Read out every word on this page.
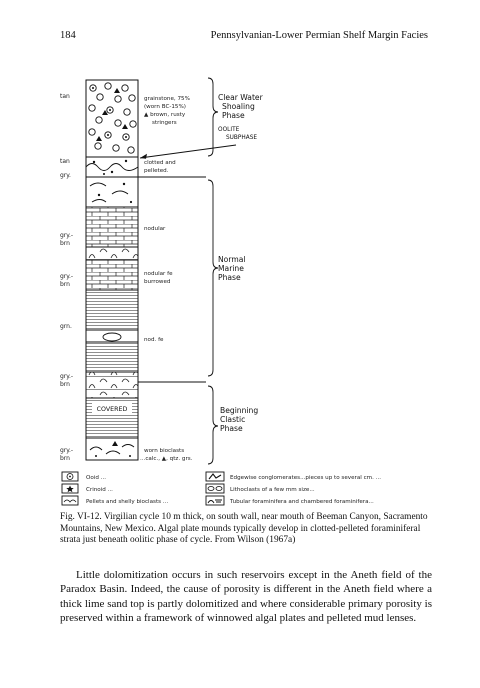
184	Pennsylvanian-Lower Permian Shelf Margin Facies
tan
tan
gry.
gry.-
brn
gry.-
brn
grn.
gry.-
brn
gry.-
brn
COVERED
grainstone, 75%
(worn BC-15%)
▲ brown, rusty
stringers
clotted and
pelleted.
nodular
nodular fe
burrowed
nod. fe
worn bioclasts
...calc., ▲, qtz. grs.
Clear Water
Shoaling
Phase
Normal
Marine
Phase
Beginning
Clastic
Phase
OOLITE
SUBPHASE
Ooid ...
Crinoid ...
Pellets and shelly bioclasts ...
Edgewise conglomerates...pieces up to several cm. ...
Lithoclasts of a few mm size...
Tubular foraminifera and chambered foraminifera...
Fig. VI-12. Virgilian cycle 10 m thick, on south wall, near mouth of Beeman Canyon, Sacramento Mountains, New Mexico. Algal plate mounds typically develop in clotted-pelleted foraminiferal strata just beneath oolitic phase of cycle. From Wilson (1967a)

Little dolomitization occurs in such reservoirs except in the Aneth field of the Paradox Basin. Indeed, the cause of porosity is different in the Aneth field where a thick lime sand top is partly dolomitized and where considerable primary porosity is preserved within a framework of winnowed algal plates and pelleted mud lenses.
